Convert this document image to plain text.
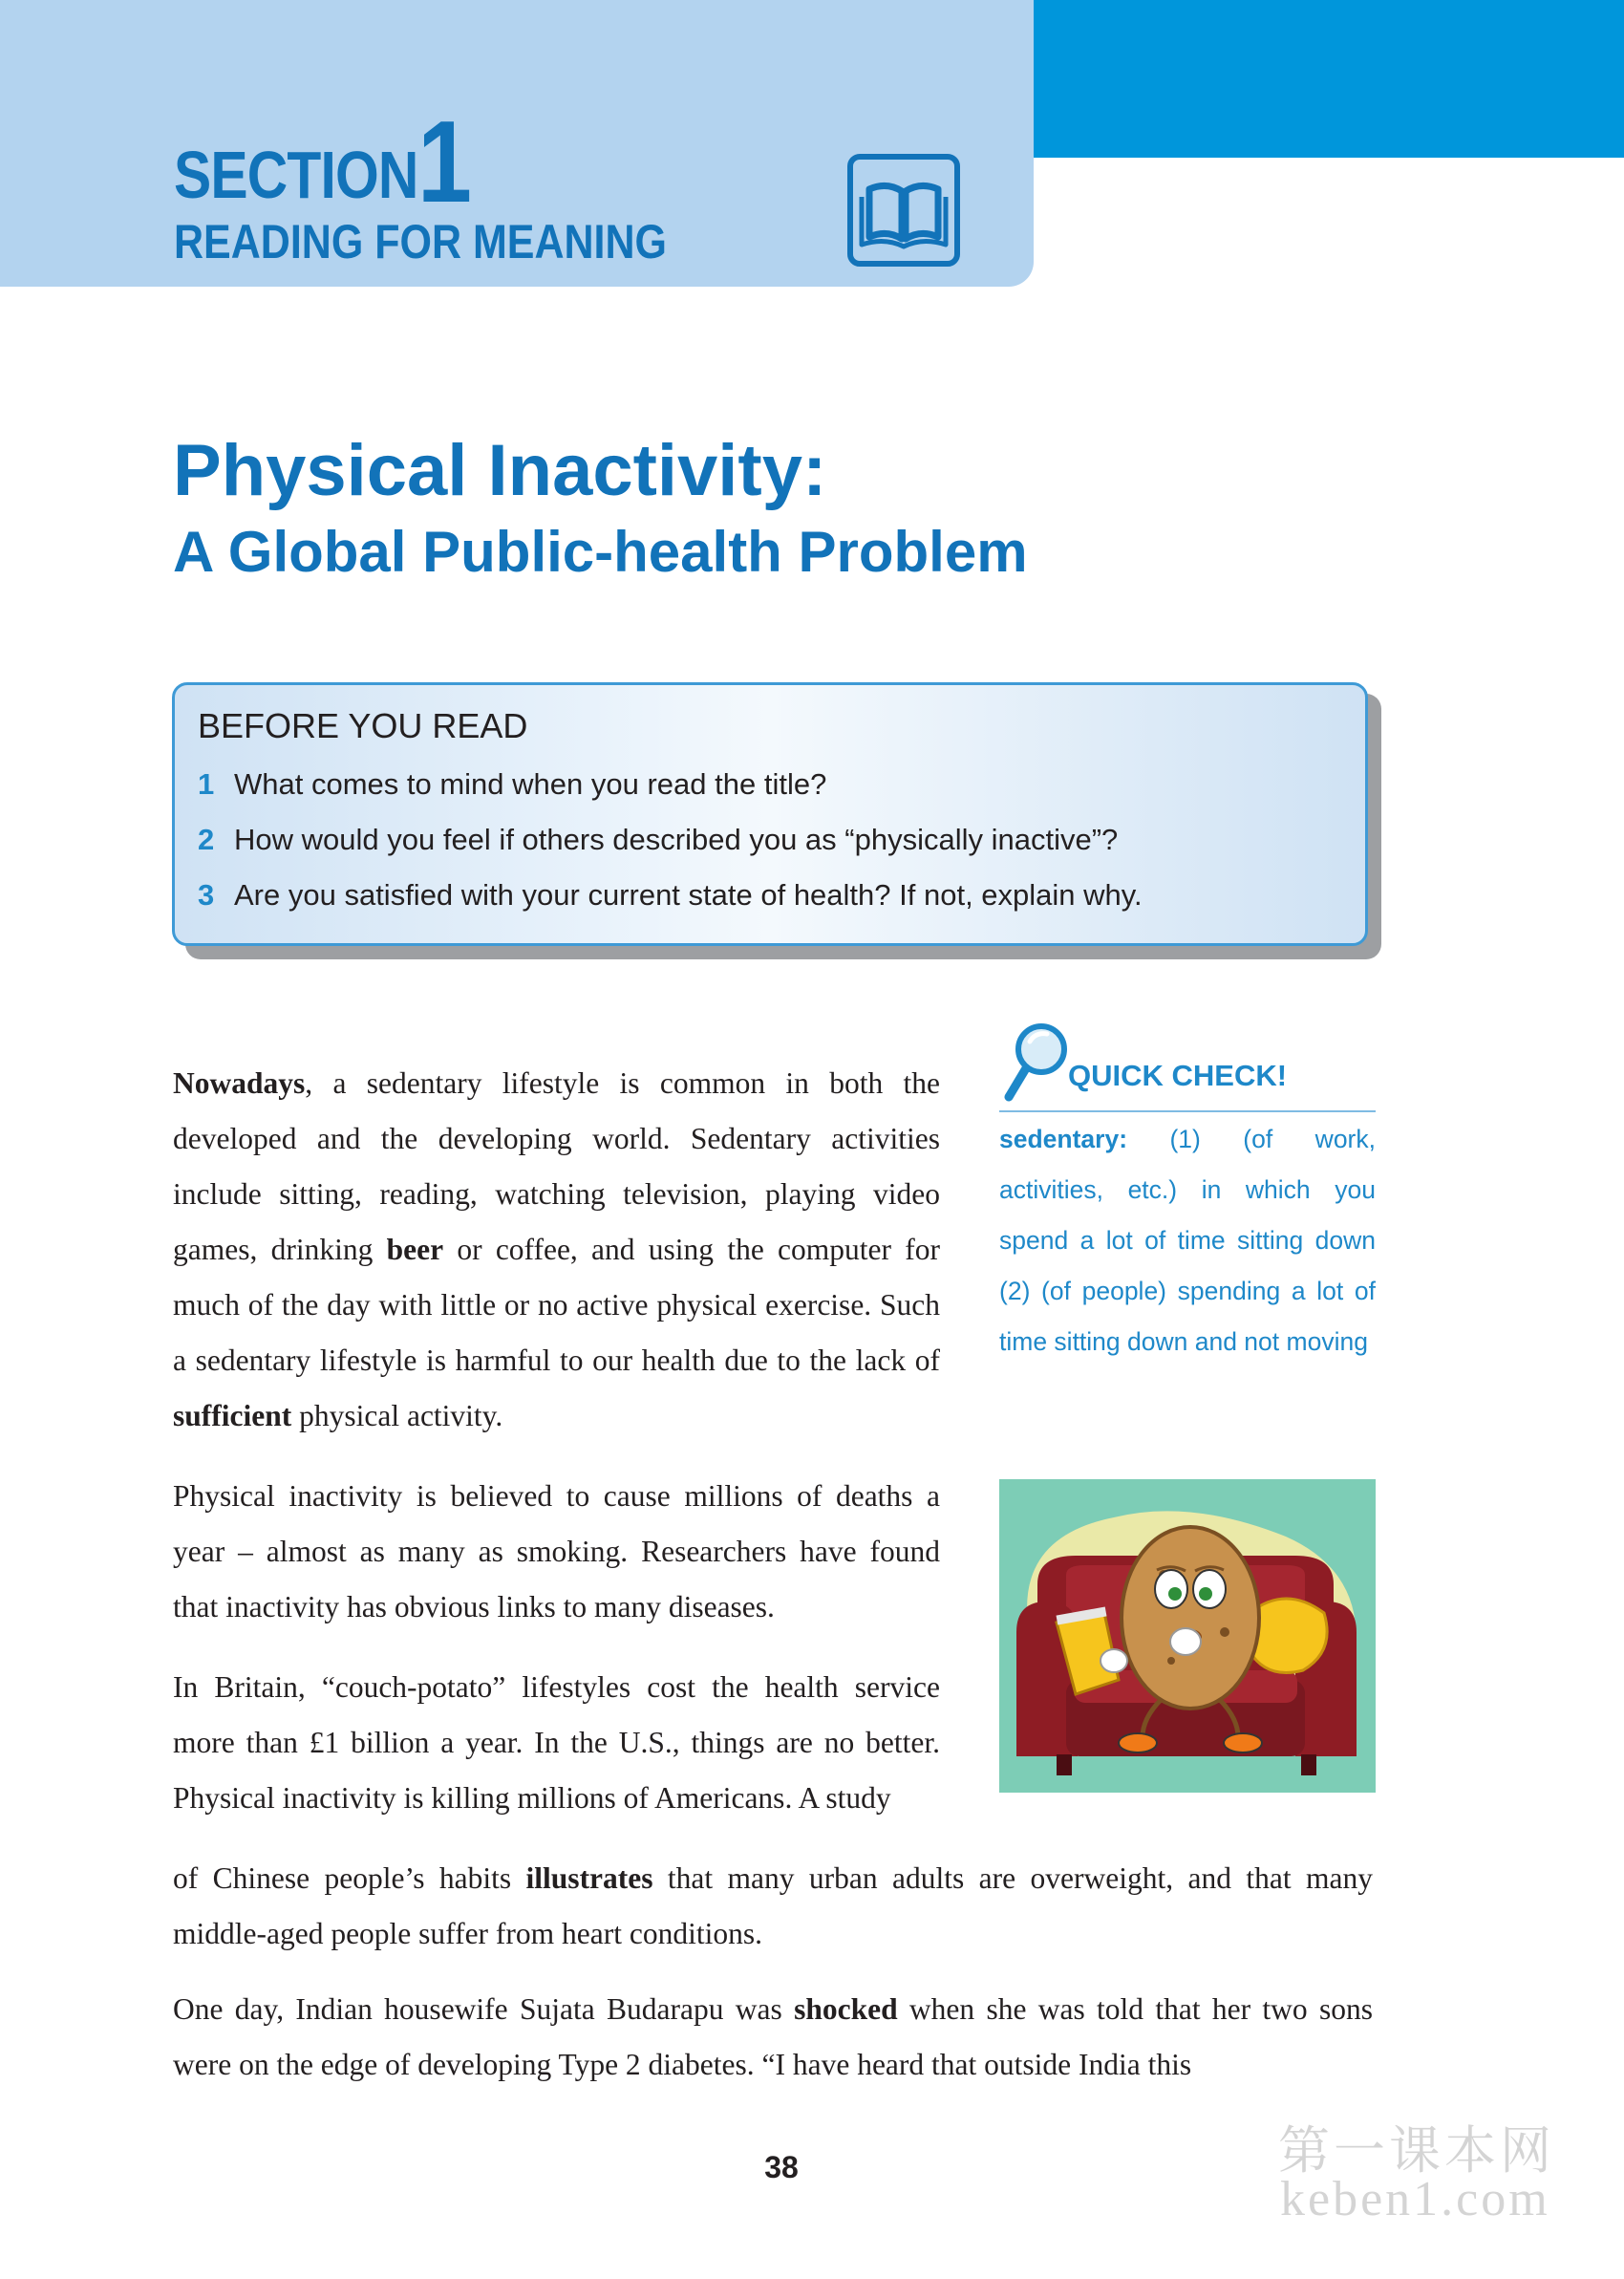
SECTION 1
READING FOR MEANING
Physical Inactivity:
A Global Public-health Problem
BEFORE YOU READ
1 What comes to mind when you read the title?
2 How would you feel if others described you as “physically inactive”?
3 Are you satisfied with your current state of health? If not, explain why.

Nowadays, a sedentary lifestyle is common in both the developed and the developing world. Sedentary activities include sitting, reading, watching television, playing video games, drinking beer or coffee, and using the computer for much of the day with little or no active physical exercise. Such a sedentary lifestyle is harmful to our health due to the lack of sufficient physical activity.

Physical inactivity is believed to cause millions of deaths a year – almost as many as smoking. Researchers have found that inactivity has obvious links to many diseases.

In Britain, “couch-potato” lifestyles cost the health service more than £1 billion a year. In the U.S., things are no better. Physical inactivity is killing millions of Americans. A study

of Chinese people’s habits illustrates that many urban adults are overweight, and that many middle-aged people suffer from heart conditions.

One day, Indian housewife Sujata Budarapu was shocked when she was told that her two sons were on the edge of developing Type 2 diabetes. “I have heard that outside India this

QUICK CHECK!

sedentary: (1) (of work, activities, etc.) in which you spend a lot of time sitting down (2) (of people) spending a lot of time sitting down and not moving

38	第一课本网
keben1.com
